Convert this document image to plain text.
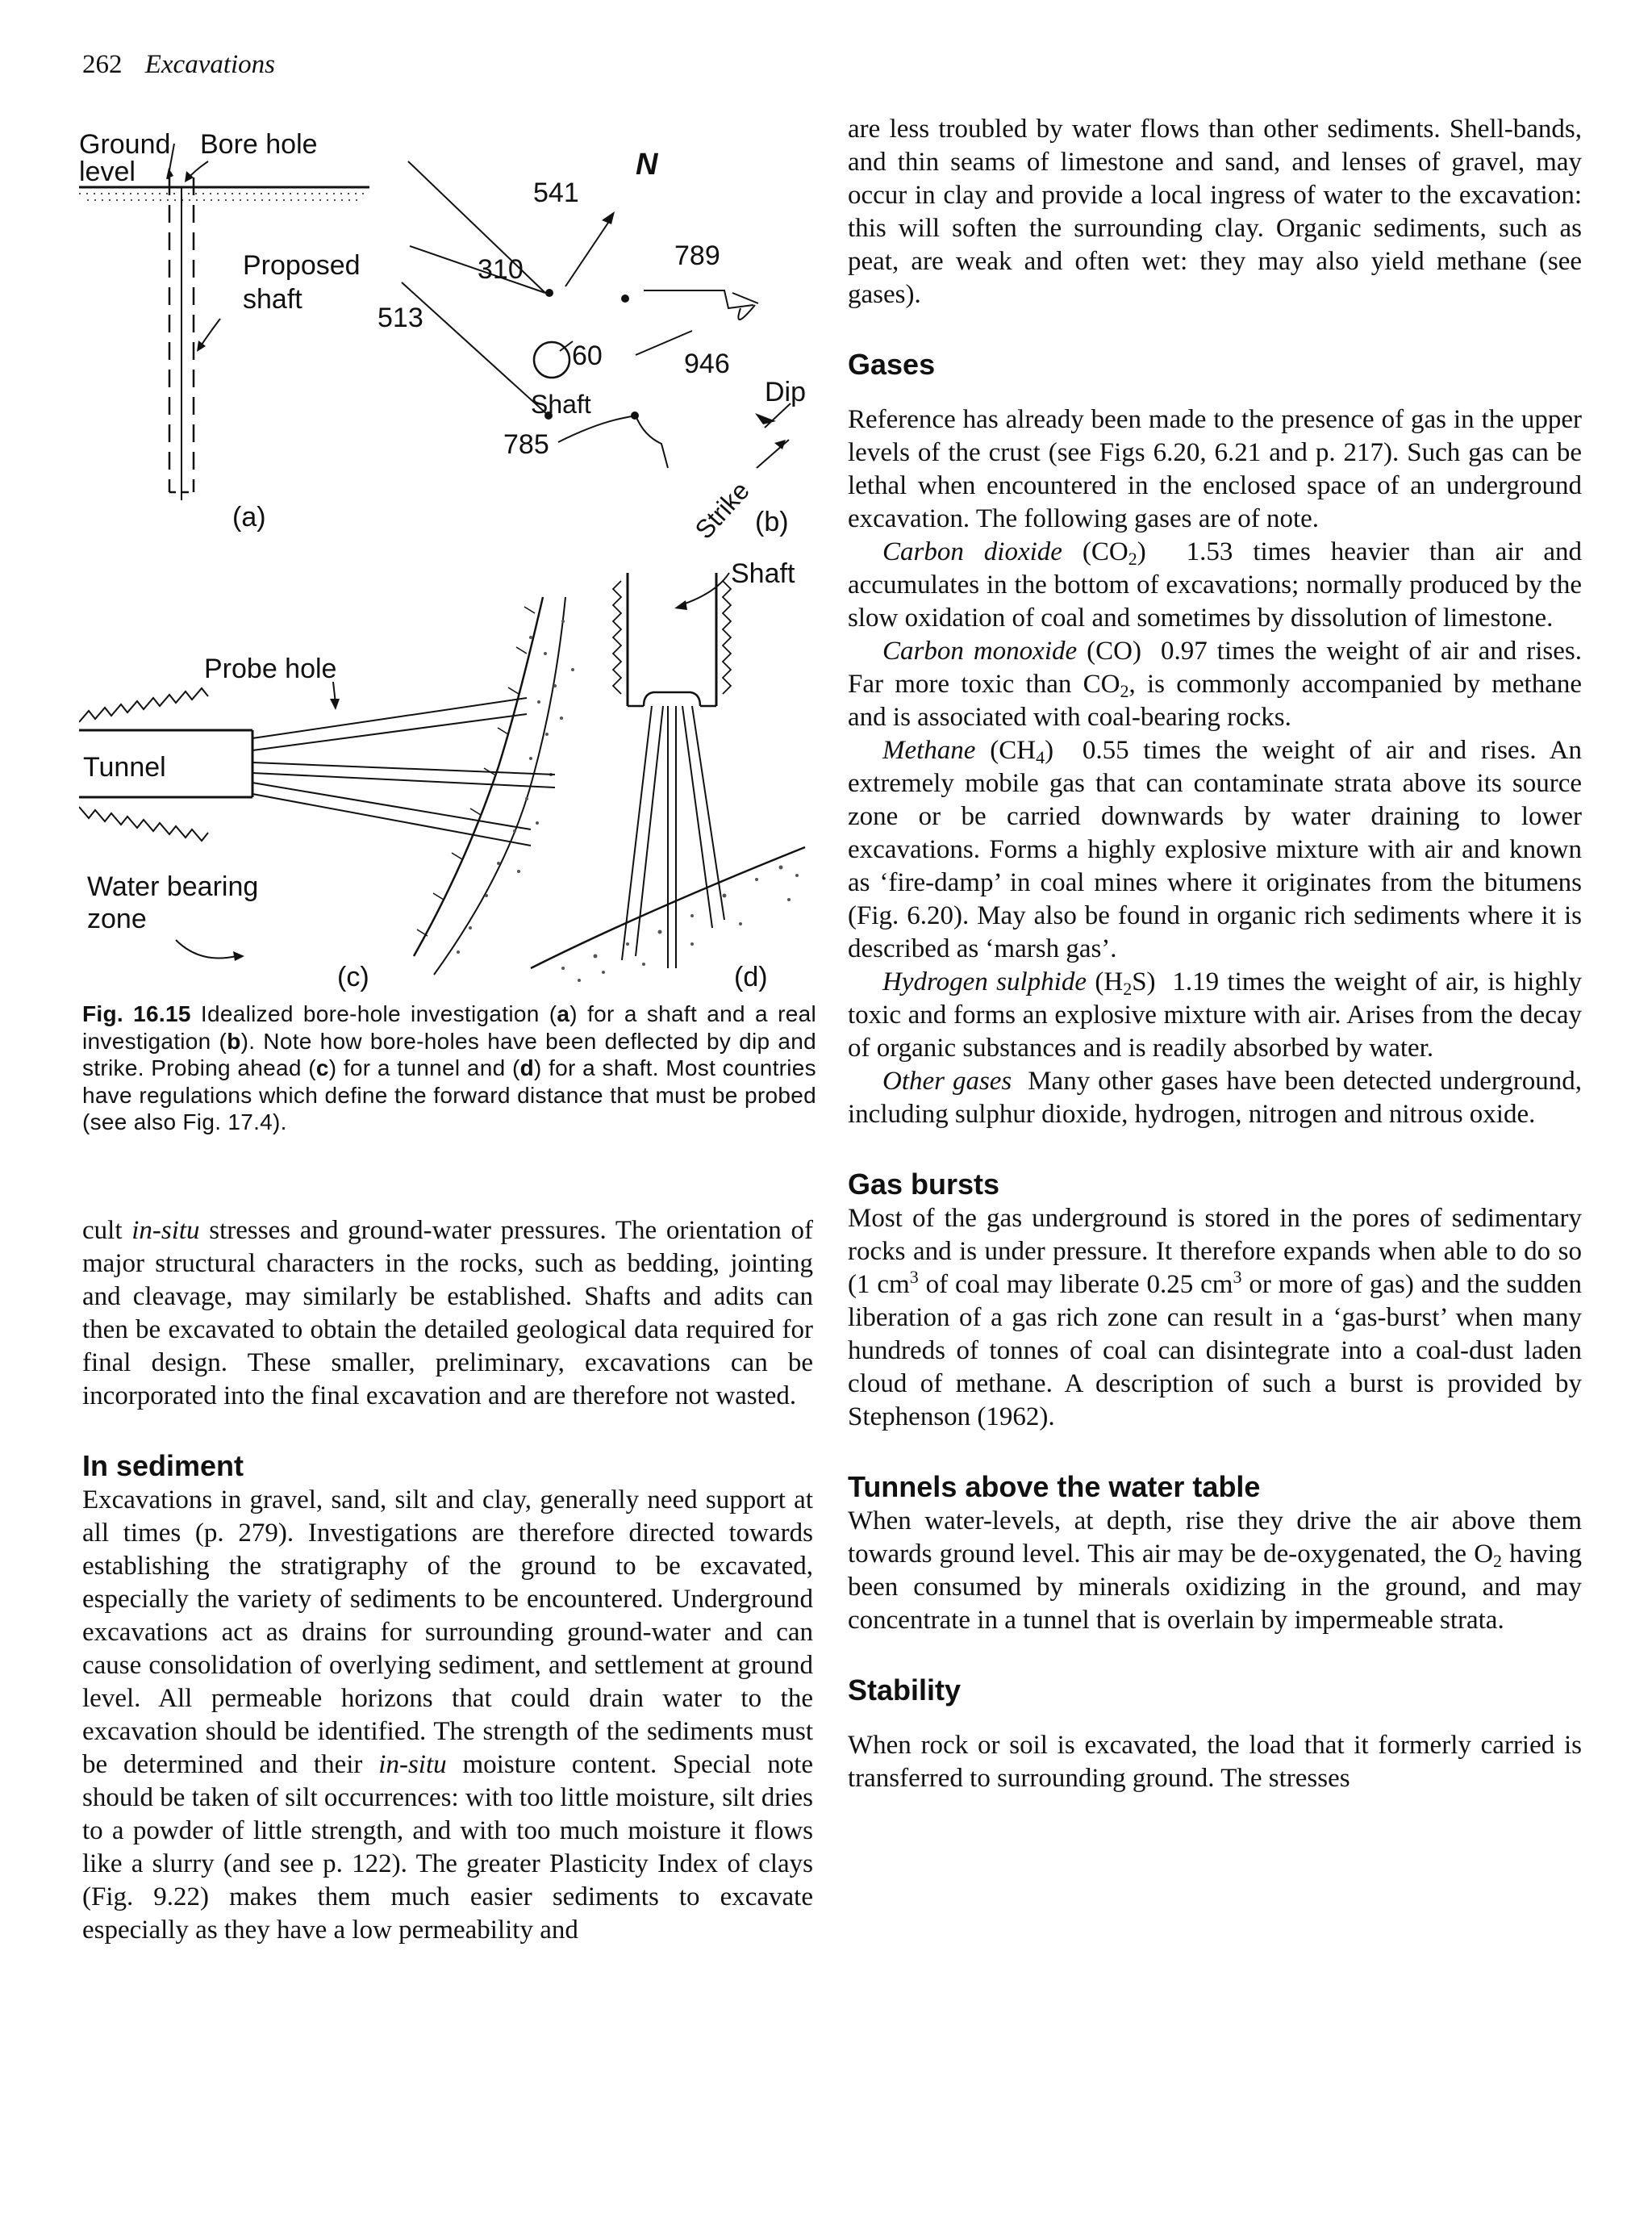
262 Excavations
Ground
level
Bore hole
Proposed
shaft
(a)
541
N
310
513
789
60	946
Shaft	Dip
785
Strike (b)
Probe hole
Tunnel
Water bearing
zone
(c)
Shaft
(d)
Fig. 16.15 Idealized bore-hole investigation (a) for a shaft and a real investigation (b). Note how bore-holes have been deflected by dip and strike. Probing ahead (c) for a tunnel and (d) for a shaft. Most countries have regulations which define the forward distance that must be probed (see also Fig. 17.4).

cult in-situ stresses and ground-water pressures. The orientation of major structural characters in the rocks, such as bedding, jointing and cleavage, may similarly be established. Shafts and adits can then be excavated to obtain the detailed geological data required for final design. These smaller, preliminary, excavations can be incorporated into the final excavation and are therefore not wasted.

In sediment

Excavations in gravel, sand, silt and clay, generally need support at all times (p. 279). Investigations are therefore directed towards establishing the stratigraphy of the ground to be excavated, especially the variety of sediments to be encountered. Underground excavations act as drains for surrounding ground-water and can cause consolidation of overlying sediment, and settlement at ground level. All permeable horizons that could drain water to the excavation should be identified. The strength of the sediments must be determined and their in-situ moisture content. Special note should be taken of silt occurrences: with too little moisture, silt dries to a powder of little strength, and with too much moisture it flows like a slurry (and see p. 122). The greater Plasticity Index of clays (Fig. 9.22) makes them much easier sediments to excavate especially as they have a low permeability and

are less troubled by water flows than other sediments. Shell-bands, and thin seams of limestone and sand, and lenses of gravel, may occur in clay and provide a local ingress of water to the excavation: this will soften the surrounding clay. Organic sediments, such as peat, are weak and often wet: they may also yield methane (see gases).

Gases

Reference has already been made to the presence of gas in the upper levels of the crust (see Figs 6.20, 6.21 and p. 217). Such gas can be lethal when encountered in the enclosed space of an underground excavation. The following gases are of note.

Carbon dioxide $(CO_2)$ 1.53 times heavier than air and accumulates in the bottom of excavations; normally produced by the slow oxidation of coal and sometimes by dissolution of limestone.

Carbon monoxide (CO) 0.97 times the weight of air and rises. Far more toxic than $CO_2$, is commonly accompanied by methane and is associated with coal-bearing rocks.

Methane $(CH_4)$ 0.55 times the weight of air and rises. An extremely mobile gas that can contaminate strata above its source zone or be carried downwards by water draining to lower excavations. Forms a highly explosive mixture with air and known as ‘fire-damp’ in coal mines where it originates from the bitumens (Fig. 6.20). May also be found in organic rich sediments where it is described as ‘marsh gas’.

Hydrogen sulphide $(H_2S)$ 1.19 times the weight of air, is highly toxic and forms an explosive mixture with air. Arises from the decay of organic substances and is readily absorbed by water.

Other gases Many other gases have been detected underground, including sulphur dioxide, hydrogen, nitrogen and nitrous oxide.

Gas bursts

Most of the gas underground is stored in the pores of sedimentary rocks and is under pressure. It therefore expands when able to do so (1 $cm^3$ of coal may liberate 0.25 $cm^3$ or more of gas) and the sudden liberation of a gas rich zone can result in a ‘gas-burst’ when many hundreds of tonnes of coal can disintegrate into a coal-dust laden cloud of methane. A description of such a burst is provided by Stephenson (1962).

Tunnels above the water table

When water-levels, at depth, rise they drive the air above them towards ground level. This air may be de-oxygenated, the $O_2$ having been consumed by minerals oxidizing in the ground, and may concentrate in a tunnel that is overlain by impermeable strata.

Stability

When rock or soil is excavated, the load that it formerly carried is transferred to surrounding ground. The stresses
